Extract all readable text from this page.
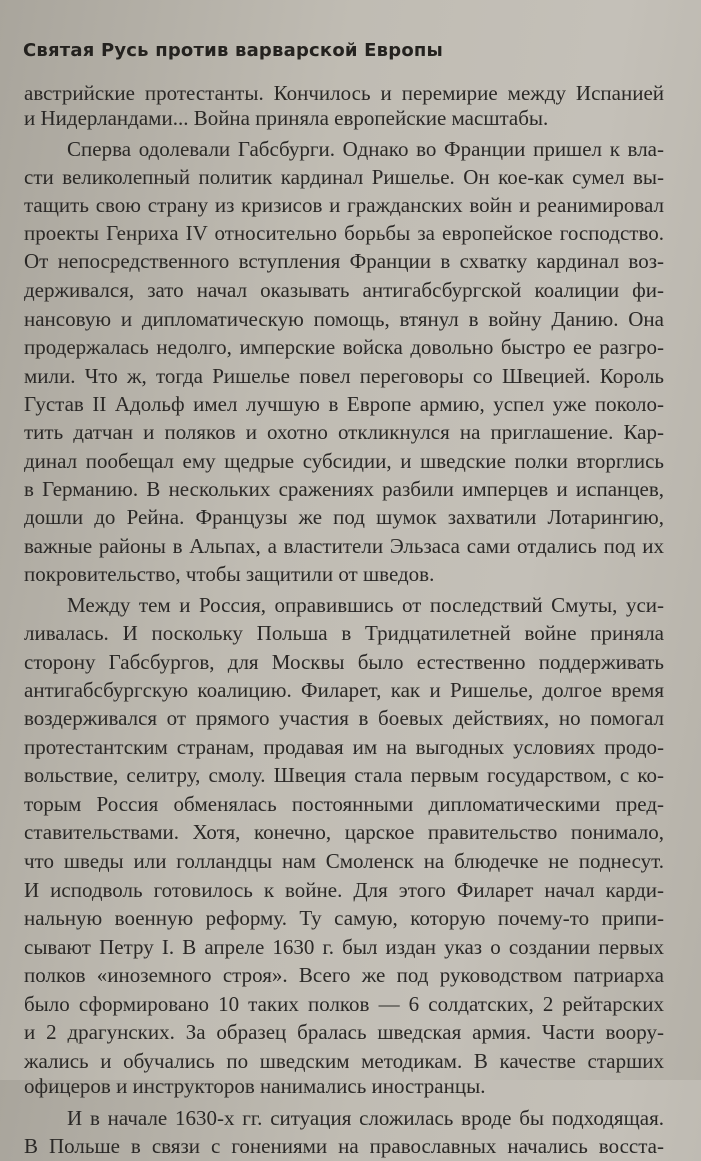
Святая Русь против варварской Европы
австрийские протестанты. Кончилось и перемирие между Испанией
и Нидерландами... Война приняла европейские масштабы.
Сперва одолевали Габсбурги. Однако во Франции пришел к вла-
сти великолепный политик кардинал Ришелье. Он кое-как сумел вы-
тащить свою страну из кризисов и гражданских войн и реанимировал
проекты Генриха IV относительно борьбы за европейское господство.
От непосредственного вступления Франции в схватку кардинал воз-
держивался, зато начал оказывать антигабсбургской коалиции фи-
нансовую и дипломатическую помощь, втянул в войну Данию. Она
продержалась недолго, имперские войска довольно быстро ее разгро-
мили. Что ж, тогда Ришелье повел переговоры со Швецией. Король
Густав II Адольф имел лучшую в Европе армию, успел уже поколо-
тить датчан и поляков и охотно откликнулся на приглашение. Кар-
динал пообещал ему щедрые субсидии, и шведские полки вторглись
в Германию. В нескольких сражениях разбили имперцев и испанцев,
дошли до Рейна. Французы же под шумок захватили Лотарингию,
важные районы в Альпах, а властители Эльзаса сами отдались под их
покровительство, чтобы защитили от шведов.
Между тем и Россия, оправившись от последствий Смуты, уси-
ливалась. И поскольку Польша в Тридцатилетней войне приняла
сторону Габсбургов, для Москвы было естественно поддерживать
антигабсбургскую коалицию. Филарет, как и Ришелье, долгое время
воздерживался от прямого участия в боевых действиях, но помогал
протестантским странам, продавая им на выгодных условиях продо-
вольствие, селитру, смолу. Швеция стала первым государством, с ко-
торым Россия обменялась постоянными дипломатическими пред-
ставительствами. Хотя, конечно, царское правительство понимало,
что шведы или голландцы нам Смоленск на блюдечке не поднесут.
И исподволь готовилось к войне. Для этого Филарет начал карди-
нальную военную реформу. Ту самую, которую почему-то припи-
сывают Петру I. В апреле 1630 г. был издан указ о создании первых
полков «иноземного строя». Всего же под руководством патриарха
было сформировано 10 таких полков — 6 солдатских, 2 рейтарских
и 2 драгунских. За образец бралась шведская армия. Части воору-
жались и обучались по шведским методикам. В качестве старших
офицеров и инструкторов нанимались иностранцы.
И в начале 1630-х гг. ситуация сложилась вроде бы подходящая.
В Польше в связи с гонениями на православных начались восста-
